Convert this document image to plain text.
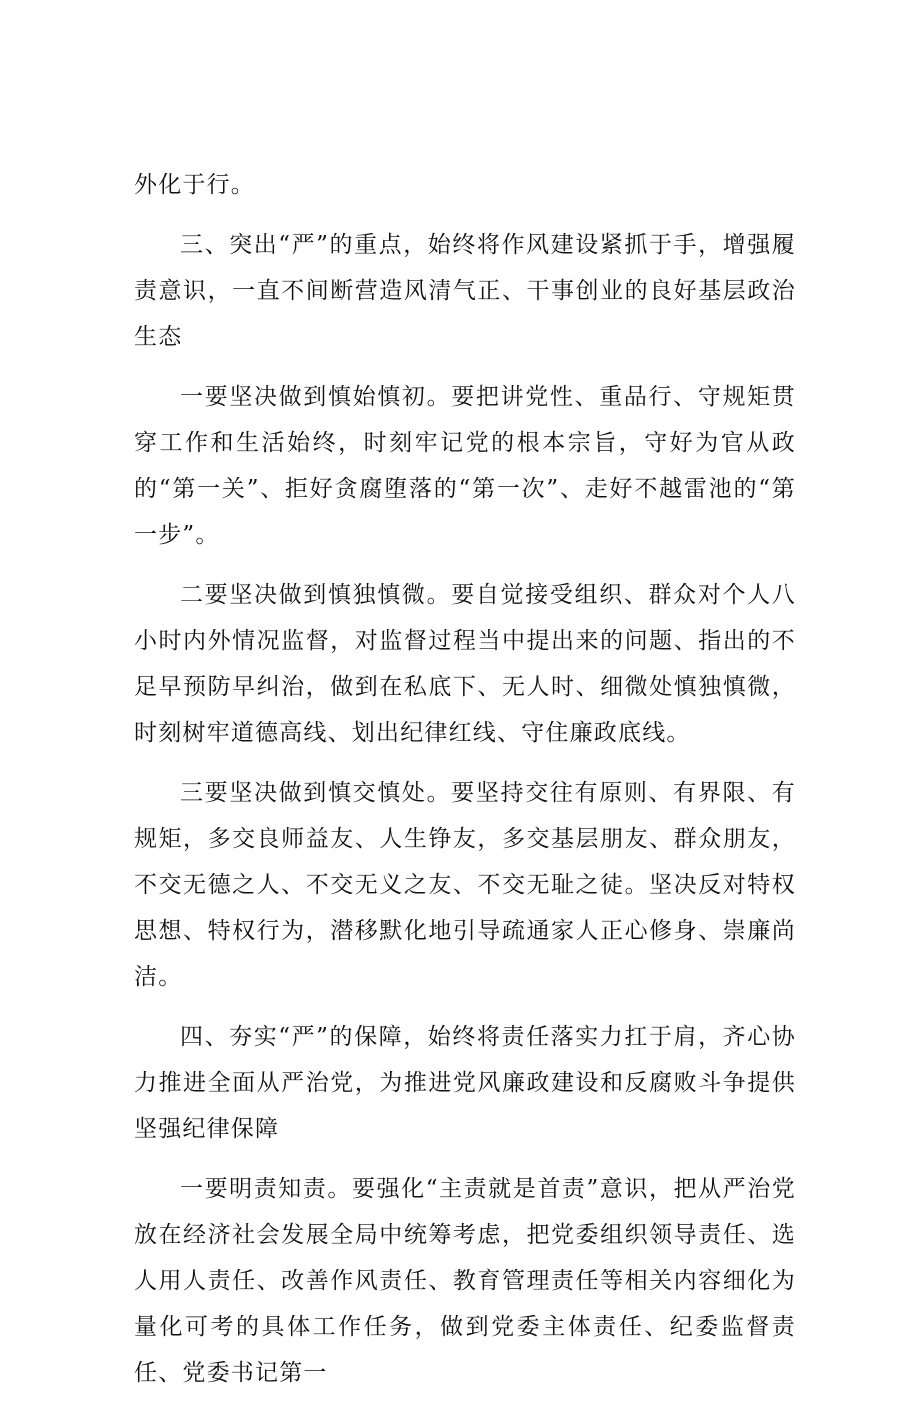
外化于行。

三、突出“严”的重点，始终将作风建设紧抓于手，增强履责意识，一直不间断营造风清气正、干事创业的良好基层政治生态

一要坚决做到慎始慎初。要把讲党性、重品行、守规矩贯穿工作和生活始终，时刻牢记党的根本宗旨，守好为官从政的“第一关”、拒好贪腐堕落的“第一次”、走好不越雷池的“第一步”。

二要坚决做到慎独慎微。要自觉接受组织、群众对个人八小时内外情况监督，对监督过程当中提出来的问题、指出的不足早预防早纠治，做到在私底下、无人时、细微处慎独慎微，时刻树牢道德高线、划出纪律红线、守住廉政底线。

三要坚决做到慎交慎处。要坚持交往有原则、有界限、有规矩，多交良师益友、人生铮友，多交基层朋友、群众朋友，不交无德之人、不交无义之友、不交无耻之徒。坚决反对特权思想、特权行为，潜移默化地引导疏通家人正心修身、崇廉尚洁。

四、夯实“严”的保障，始终将责任落实力扛于肩，齐心协力推进全面从严治党，为推进党风廉政建设和反腐败斗争提供坚强纪律保障

一要明责知责。要强化“主责就是首责”意识，把从严治党放在经济社会发展全局中统筹考虑，把党委组织领导责任、选人用人责任、改善作风责任、教育管理责任等相关内容细化为量化可考的具体工作任务，做到党委主体责任、纪委监督责任、党委书记第一
